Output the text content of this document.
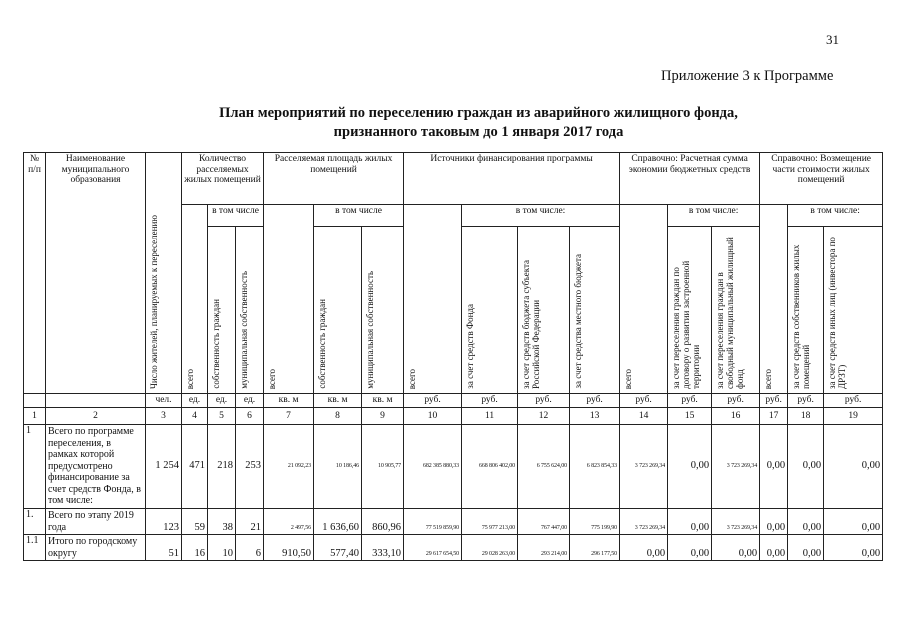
31
Приложение 3 к Программе
План мероприятий по переселению граждан из аварийного жилищного фонда,
признанного таковым до 1 января 2017 года
№
п/п	Наименование муниципального образования	Число жителей, планируемых к переселению	Количество расселяемых жилых помещений			Расселяемая площадь жилых помещений			Источники финансирования программы				Справочно: Расчетная сумма экономии бюджетных средств			Справочно: Возмещение части стоимости жилых помещений		

			всего	в том числе		всего	в том числе		всего	в том числе:			всего	в том числе:		всего	в том числе:	

				собственность граждан	муниципальная собственность		собственность граждан	муниципальная собственность		за счет средств Фонда	за счет средств бюджета субъекта Российской Федерации	за счет средства местного бюджета		за счет переселения граждан по договору о развитии застроенной территории	за счет переселения граждан в свободный муниципальный жилищный фонд		за счет средств собственников жилых помещений	за счет средств иных лиц (инвестора по ДРЗТ)

		чел.	ед.	ед.	ед.	кв. м	кв. м	кв. м	руб.	руб.	руб.	руб.	руб.	руб.	руб.	руб.	руб.	руб.
1	2	3	4	5	6	7	8	9	10	11	12	13	14	15	16	17	18	19
1	Всего по программе переселения, в рамках которой предусмотрено финансирование за счет средств Фонда, в том числе:	1 254	471	218	253	21 092,23	10 186,46	10 905,77	682 385 880,33	668 806 402,00	6 755 624,00	6 823 854,33	3 723 269,34	0,00	3 723 269,34	0,00	0,00	0,00
1.	Всего по этапу 2019 года	123	59	38	21	2 497,56	1 636,60	860,96	77 519 859,90	75 977 213,00	767 447,00	775 199,90	3 723 269,34	0,00	3 723 269,34	0,00	0,00	0,00
1.1	Итого по городскому округу	51	16	10	6	910,50	577,40	333,10	29 617 654,50	29 028 263,00	293 214,00	296 177,50	0,00	0,00	0,00	0,00	0,00	0,00
